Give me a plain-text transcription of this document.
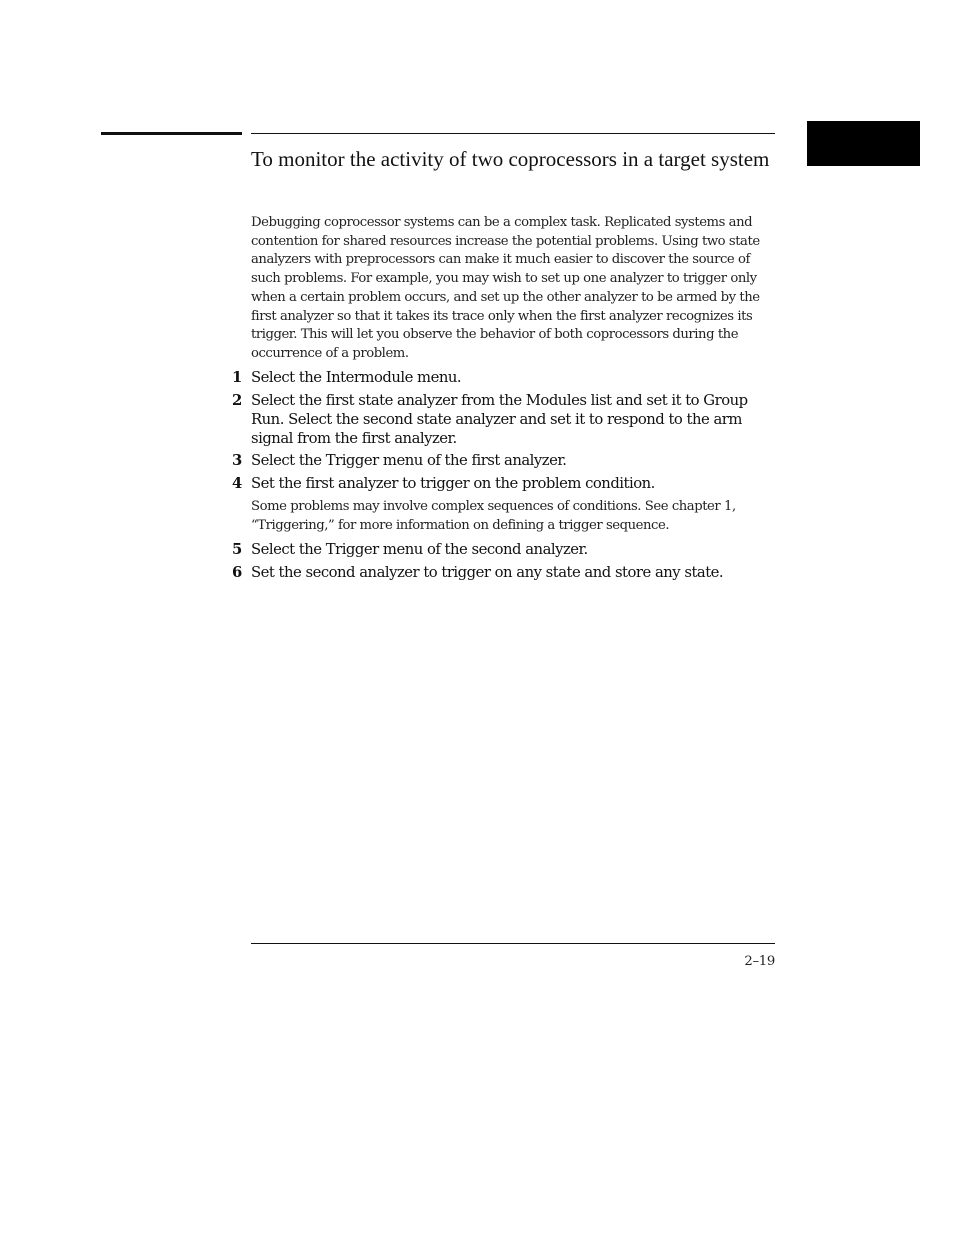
To monitor the activity of two coprocessors in a target system

Debugging coprocessor systems can be a complex task. Replicated systems and contention for shared resources increase the potential problems. Using two state analyzers with preprocessors can make it much easier to discover the source of such problems. For example, you may wish to set up one analyzer to trigger only when a certain problem occurs, and set up the other analyzer to be armed by the first analyzer so that it takes its trace only when the first analyzer recognizes its trigger. This will let you observe the behavior of both coprocessors during the occurrence of a problem.

1 Select the Intermodule menu.
2 Select the first state analyzer from the Modules list and set it to Group Run. Select the second state analyzer and set it to respond to the arm signal from the first analyzer.
3 Select the Trigger menu of the first analyzer.
4 Set the first analyzer to trigger on the problem condition.

Some problems may involve complex sequences of conditions. See chapter 1, “Triggering,” for more information on defining a trigger sequence.

5 Select the Trigger menu of the second analyzer.
6 Set the second analyzer to trigger on any state and store any state.
2–19
